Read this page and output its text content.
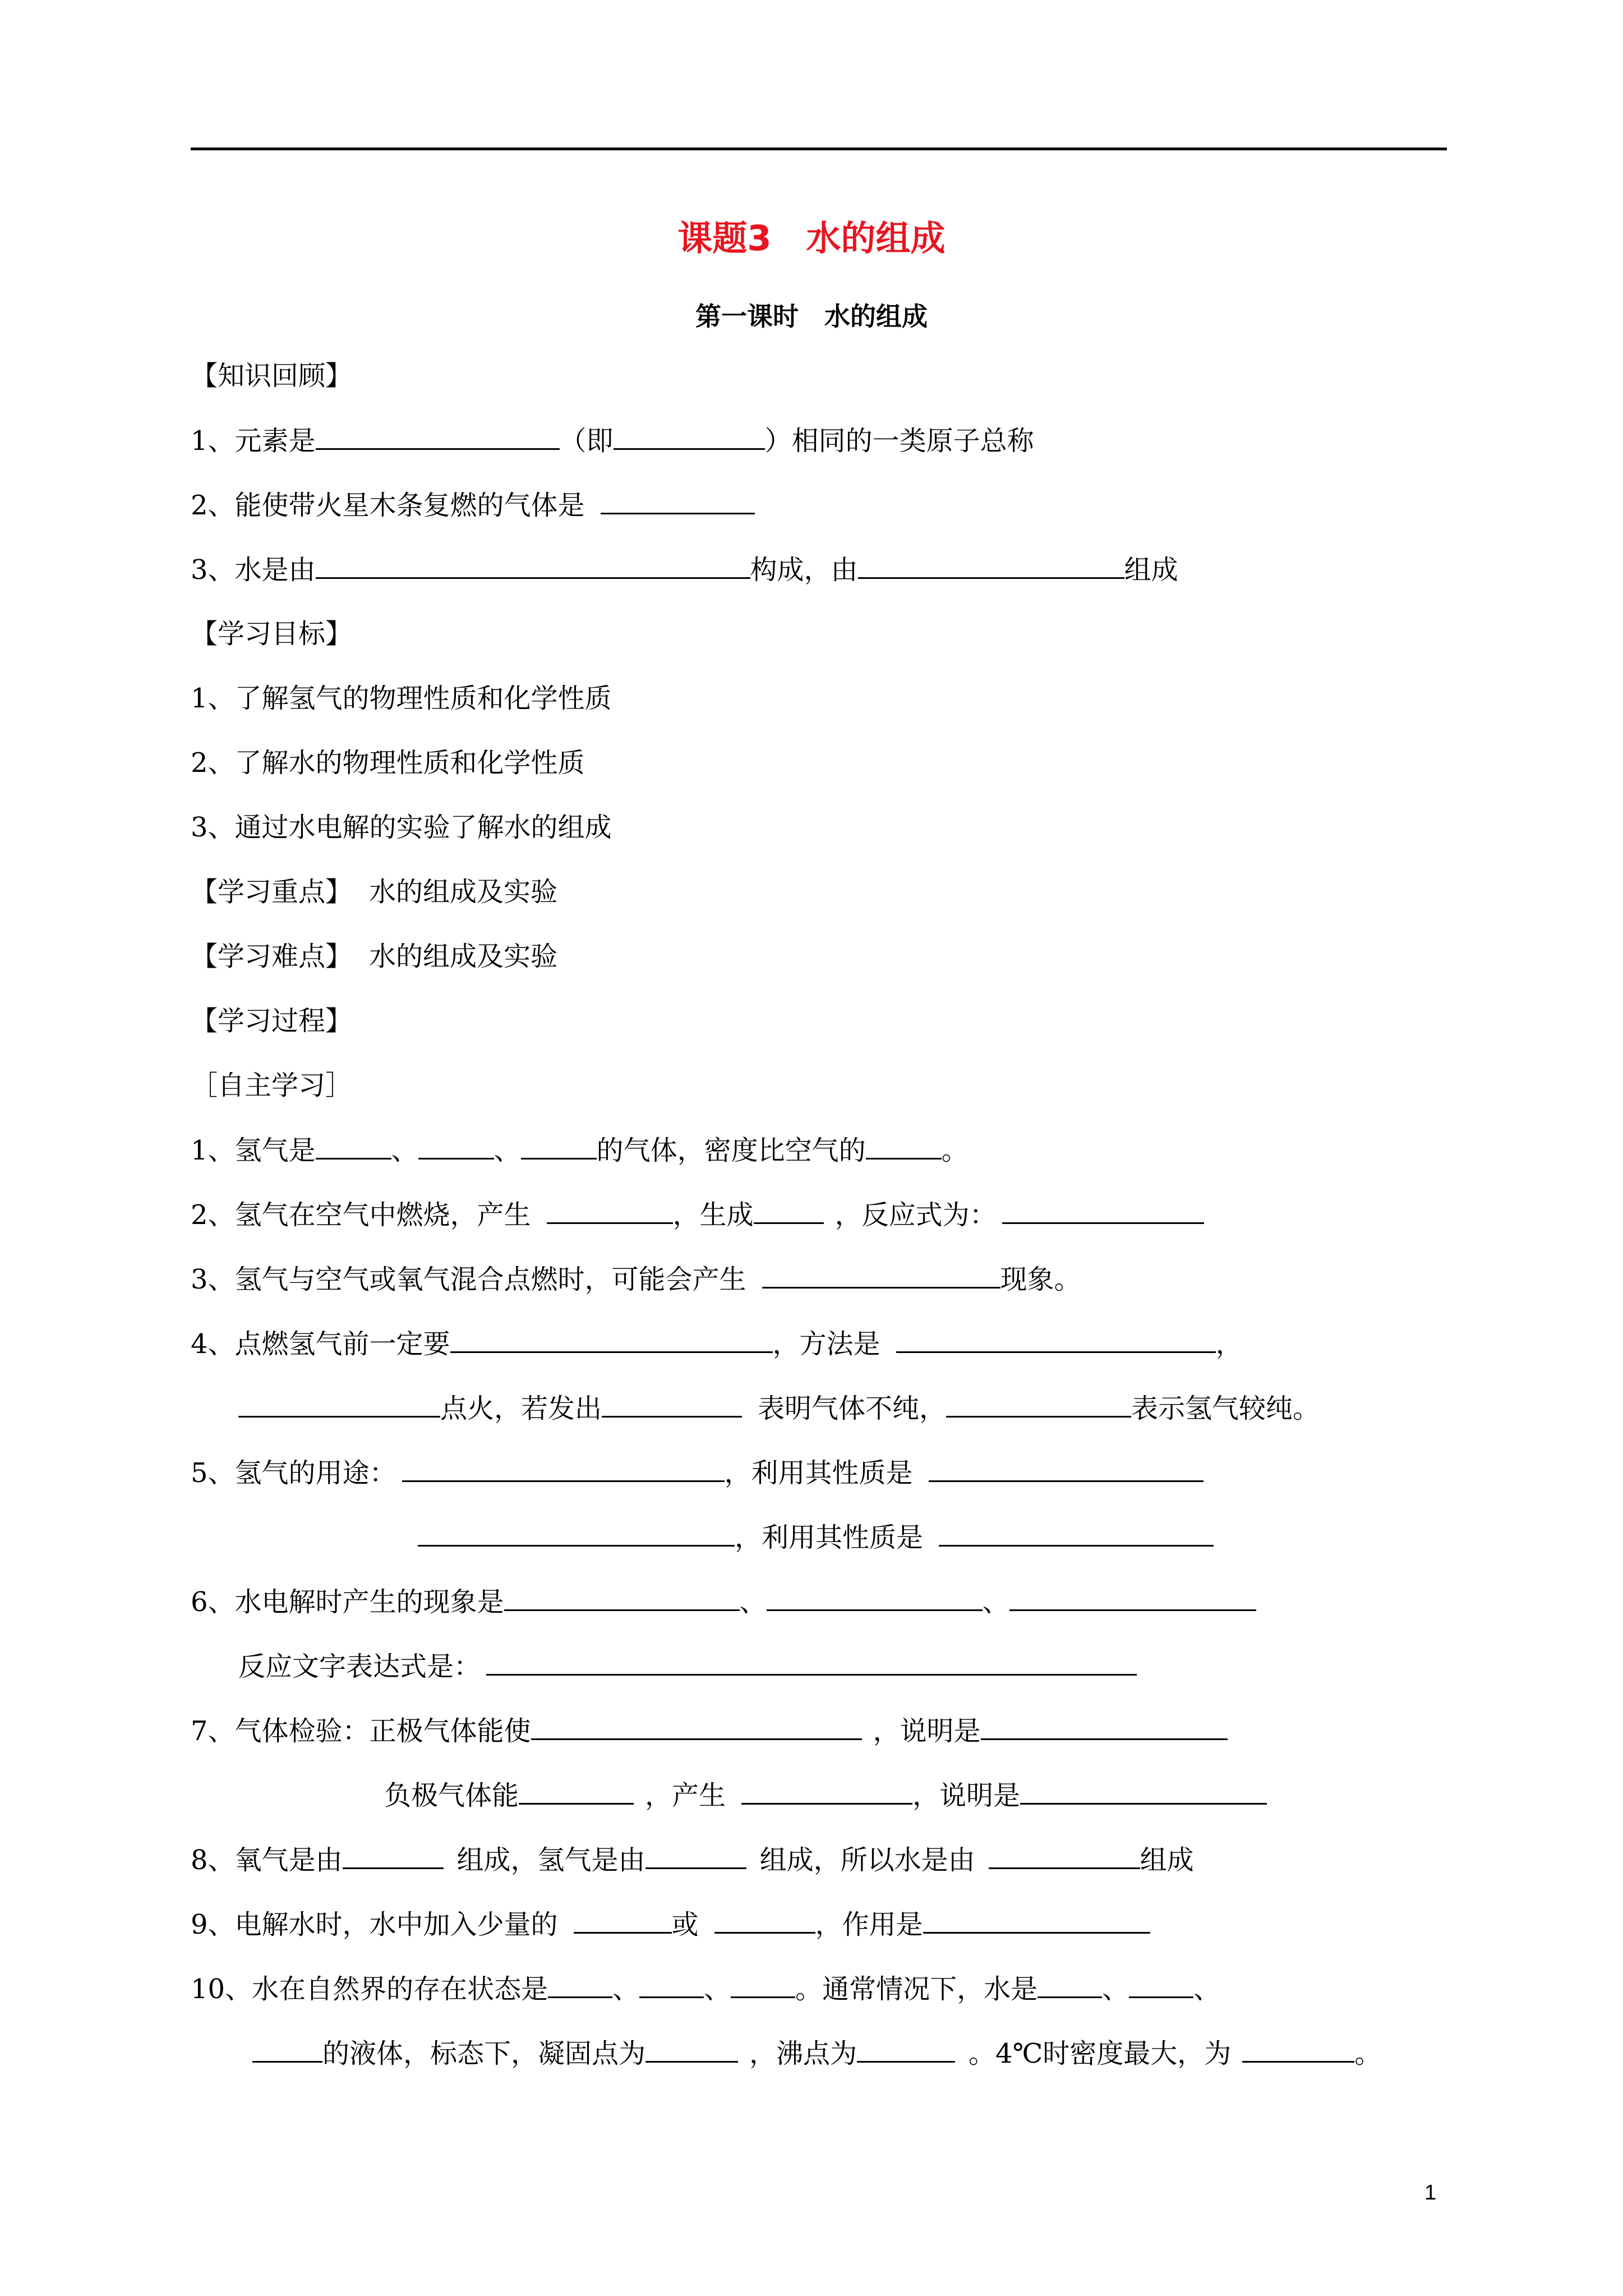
课题3　水的组成
第一课时　水的组成
【知识回顾】
1、元素是	（即	）相同的一类原子总称
2、能使带火星木条复燃的气体是
3、水是由	构成，由	组成
【学习目标】
1、了解氢气的物理性质和化学性质
2、了解水的物理性质和化学性质
3、通过水电解的实验了解水的组成
【学习重点】 水的组成及实验
【学习难点】 水的组成及实验
【学习过程】
［自主学习］
1、氢气是	、	、	的气体，密度比空气的	。
2、氢气在空气中燃烧，产生	，生成	，反应式为：
3、氢气与空气或氧气混合点燃时，可能会产生	现象。
4、点燃氢气前一定要	，方法是	，
点火，若发出	表明气体不纯，	表示氢气较纯。
5、氢气的用途：	，利用其性质是
，利用其性质是
6、水电解时产生的现象是	、	、
反应文字表达式是：
7、气体检验：正极气体能使	，说明是
负极气体能	，产生	，说明是
8、氧气是由	组成，氢气是由	组成，所以水是由	组成
9、电解水时，水中加入少量的	或	，作用是
10、水在自然界的存在状态是 、 、 。通常情况下，水是 、 、
的液体，标态下，凝固点为	，沸点为	。4℃时密度最大，为	。
1
